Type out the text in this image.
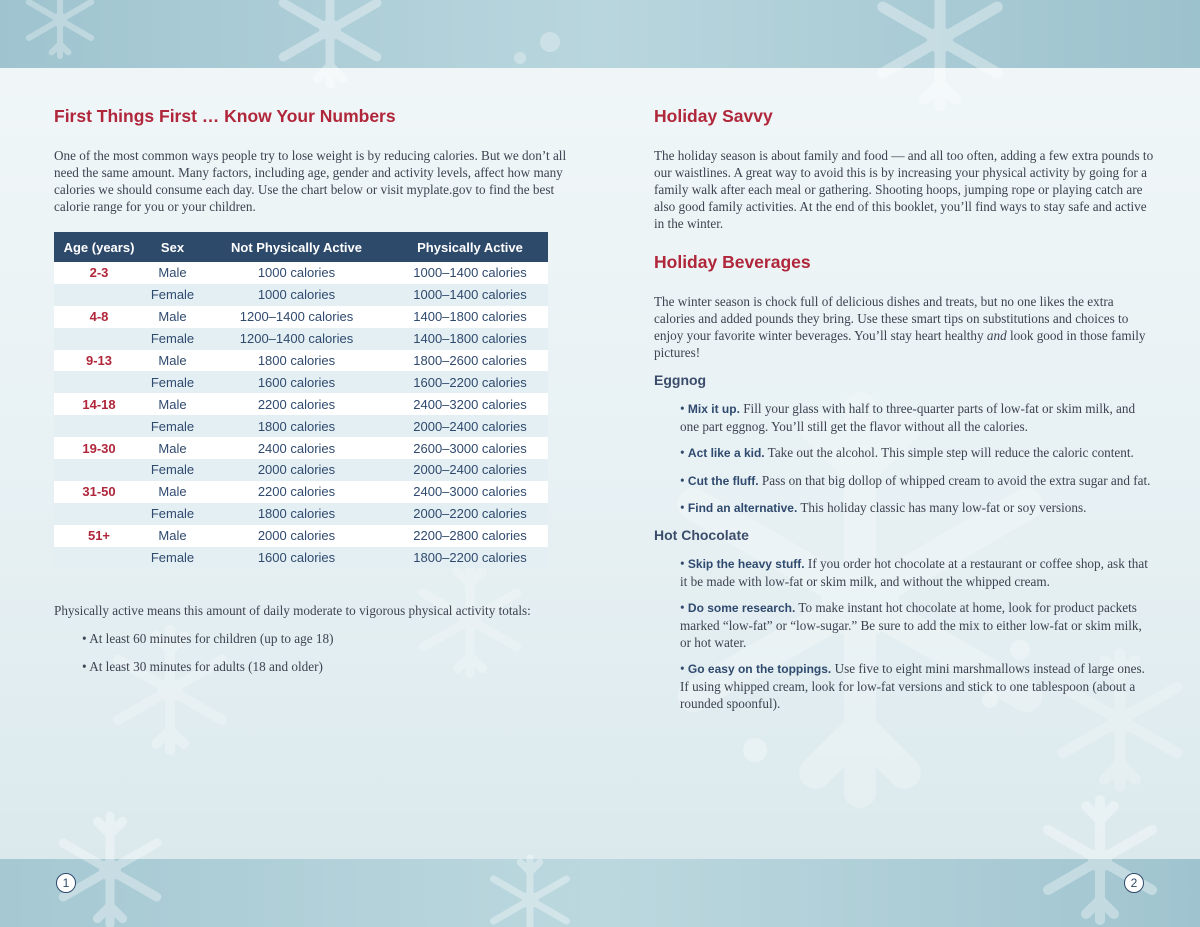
First Things First … Know Your Numbers

One of the most common ways people try to lose weight is by reducing calories. But we don’t all need the same amount. Many factors, including age, gender and activity levels, affect how many calories we should consume each day. Use the chart below or visit myplate.gov to find the best calorie range for you or your children.

Age (years)	Sex	Not Physically Active	Physically Active
2-3	Male	1000 calories	1000–1400 calories
	Female	1000 calories	1000–1400 calories
4-8	Male	1200–1400 calories	1400–1800 calories
	Female	1200–1400 calories	1400–1800 calories
9-13	Male	1800 calories	1800–2600 calories
	Female	1600 calories	1600–2200 calories
14-18	Male	2200 calories	2400–3200 calories
	Female	1800 calories	2000–2400 calories
19-30	Male	2400 calories	2600–3000 calories
	Female	2000 calories	2000–2400 calories
31-50	Male	2200 calories	2400–3000 calories
	Female	1800 calories	2000–2200 calories
51+	Male	2000 calories	2200–2800 calories
	Female	1600 calories	1800–2200 calories

Physically active means this amount of daily moderate to vigorous physical activity totals:

• At least 60 minutes for children (up to age 18)

• At least 30 minutes for adults (18 and older)

1
Holiday Savvy

The holiday season is about family and food — and all too often, adding a few extra pounds to our waistlines. A great way to avoid this is by increasing your physical activity by going for a family walk after each meal or gathering. Shooting hoops, jumping rope or playing catch are also good family activities. At the end of this booklet, you’ll find ways to stay safe and active in the winter.

Holiday Beverages

The winter season is chock full of delicious dishes and treats, but no one likes the extra calories and added pounds they bring. Use these smart tips on substitutions and choices to enjoy your favorite winter beverages. You’ll stay heart healthy and look good in those family pictures!

Eggnog

• Mix it up. Fill your glass with half to three-quarter parts of low-fat or skim milk, and one part eggnog. You’ll still get the flavor without all the calories.

• Act like a kid. Take out the alcohol. This simple step will reduce the caloric content.

• Cut the fluff. Pass on that big dollop of whipped cream to avoid the extra sugar and fat.

• Find an alternative. This holiday classic has many low-fat or soy versions.

Hot Chocolate

• Skip the heavy stuff. If you order hot chocolate at a restaurant or coffee shop, ask that it be made with low-fat or skim milk, and without the whipped cream.

• Do some research. To make instant hot chocolate at home, look for product packets marked “low-fat” or “low-sugar.” Be sure to add the mix to either low-fat or skim milk, or hot water.

• Go easy on the toppings. Use five to eight mini marshmallows instead of large ones. If using whipped cream, look for low-fat versions and stick to one tablespoon (about a rounded spoonful).

2
